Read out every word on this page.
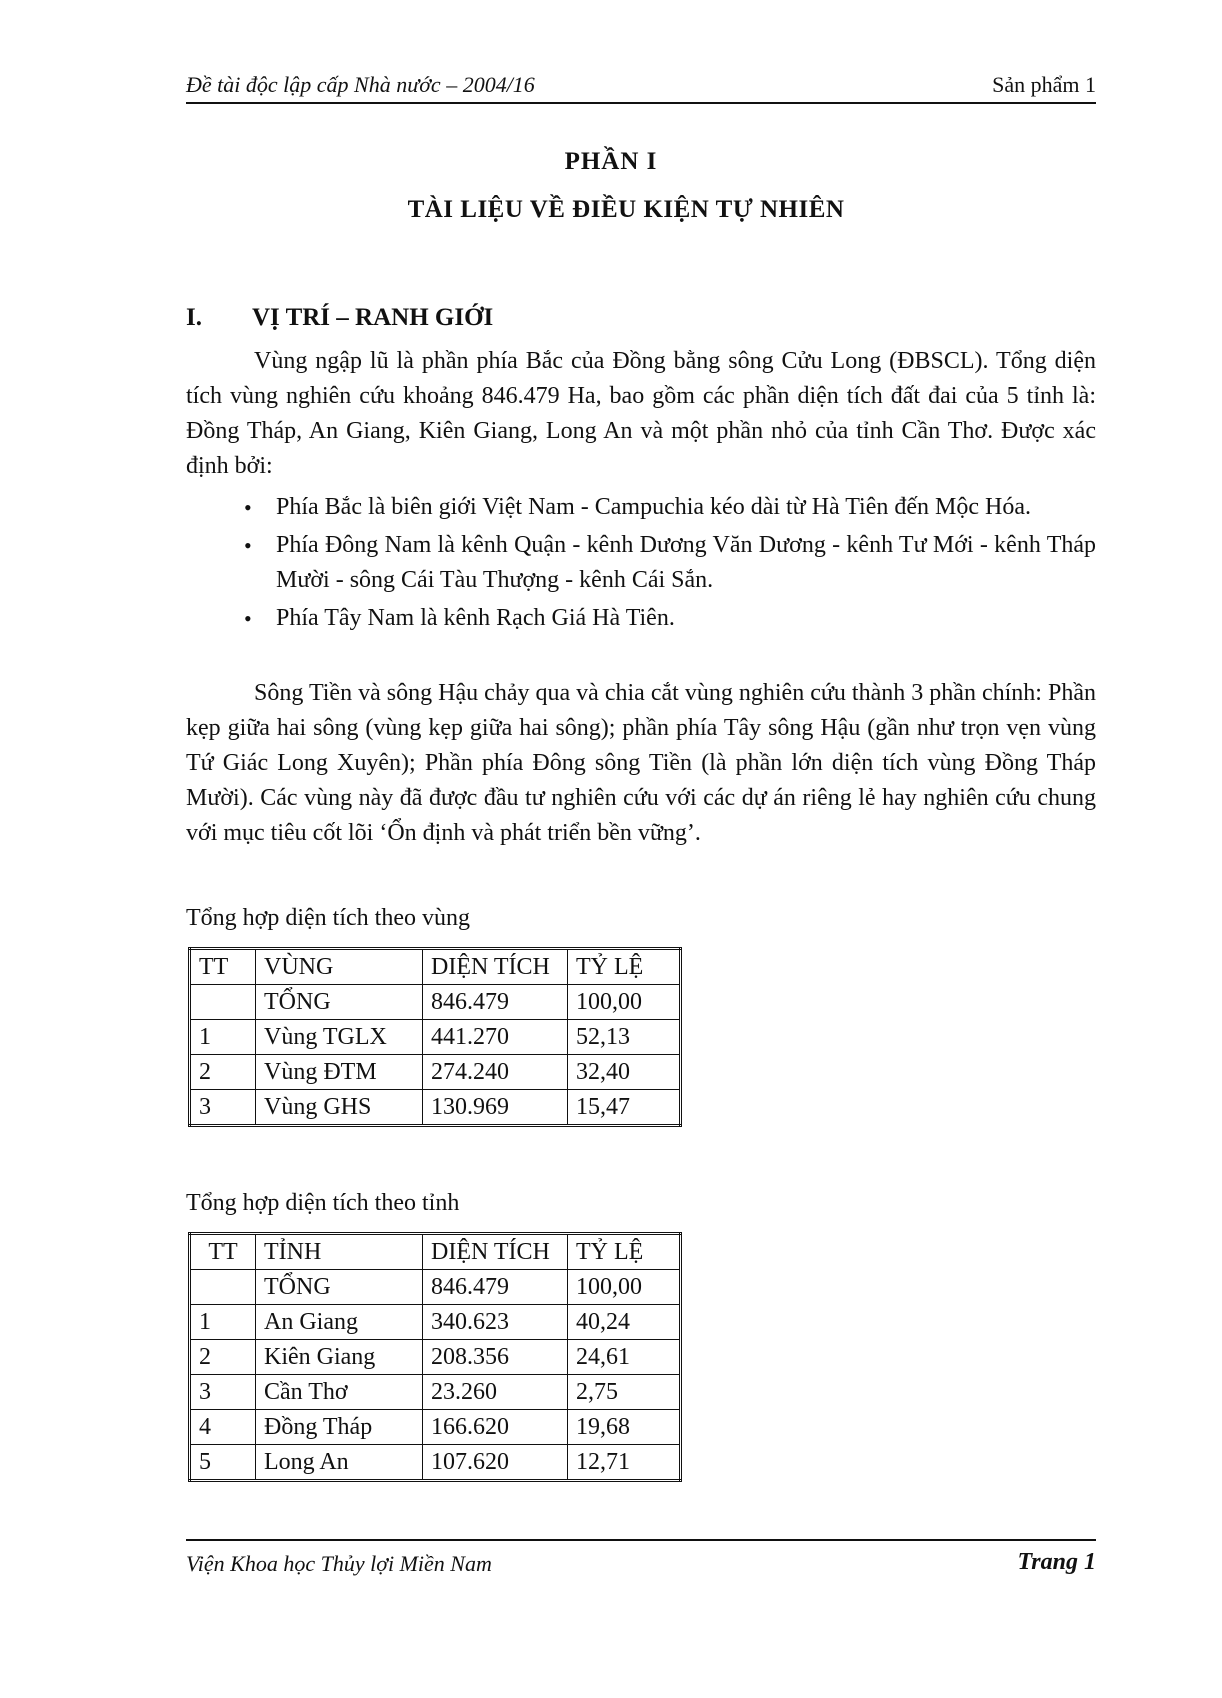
Đề tài độc lập cấp Nhà nước – 2004/16	Sản phẩm 1
PHẦN I
TÀI LIỆU VỀ ĐIỀU KIỆN TỰ NHIÊN
I. VỊ TRÍ – RANH GIỚI
Vùng ngập lũ là phần phía Bắc của Đồng bằng sông Cửu Long (ĐBSCL). Tổng diện tích vùng nghiên cứu khoảng 846.479 Ha, bao gồm các phần diện tích đất đai của 5 tỉnh là: Đồng Tháp, An Giang, Kiên Giang, Long An và một phần nhỏ của tỉnh Cần Thơ. Được xác định bởi:
• Phía Bắc là biên giới Việt Nam - Campuchia kéo dài từ Hà Tiên đến Mộc Hóa.
• Phía Đông Nam là kênh Quận - kênh Dương Văn Dương - kênh Tư Mới - kênh Tháp Mười - sông Cái Tàu Thượng - kênh Cái Sắn.
• Phía Tây Nam là kênh Rạch Giá Hà Tiên.
Sông Tiền và sông Hậu chảy qua và chia cắt vùng nghiên cứu thành 3 phần chính: Phần kẹp giữa hai sông (vùng kẹp giữa hai sông); phần phía Tây sông Hậu (gần như trọn vẹn vùng Tứ Giác Long Xuyên); Phần phía Đông sông Tiền (là phần lớn diện tích vùng Đồng Tháp Mười). Các vùng này đã được đầu tư nghiên cứu với các dự án riêng lẻ hay nghiên cứu chung với mục tiêu cốt lõi ‘Ổn định và phát triển bền vững’.
Tổng hợp diện tích theo vùng
TT	VÙNG	DIỆN TÍCH	TỶ LỆ
	TỔNG	846.479	100,00
1	Vùng TGLX	441.270	52,13
2	Vùng ĐTM	274.240	32,40
3	Vùng GHS	130.969	15,47
Tổng hợp diện tích theo tỉnh
TT	TỈNH	DIỆN TÍCH	TỶ LỆ
	TỔNG	846.479	100,00
1	An Giang	340.623	40,24
2	Kiên Giang	208.356	24,61
3	Cần Thơ	23.260	2,75
4	Đồng Tháp	166.620	19,68
5	Long An	107.620	12,71
Viện Khoa học Thủy lợi Miền Nam	Trang 1
